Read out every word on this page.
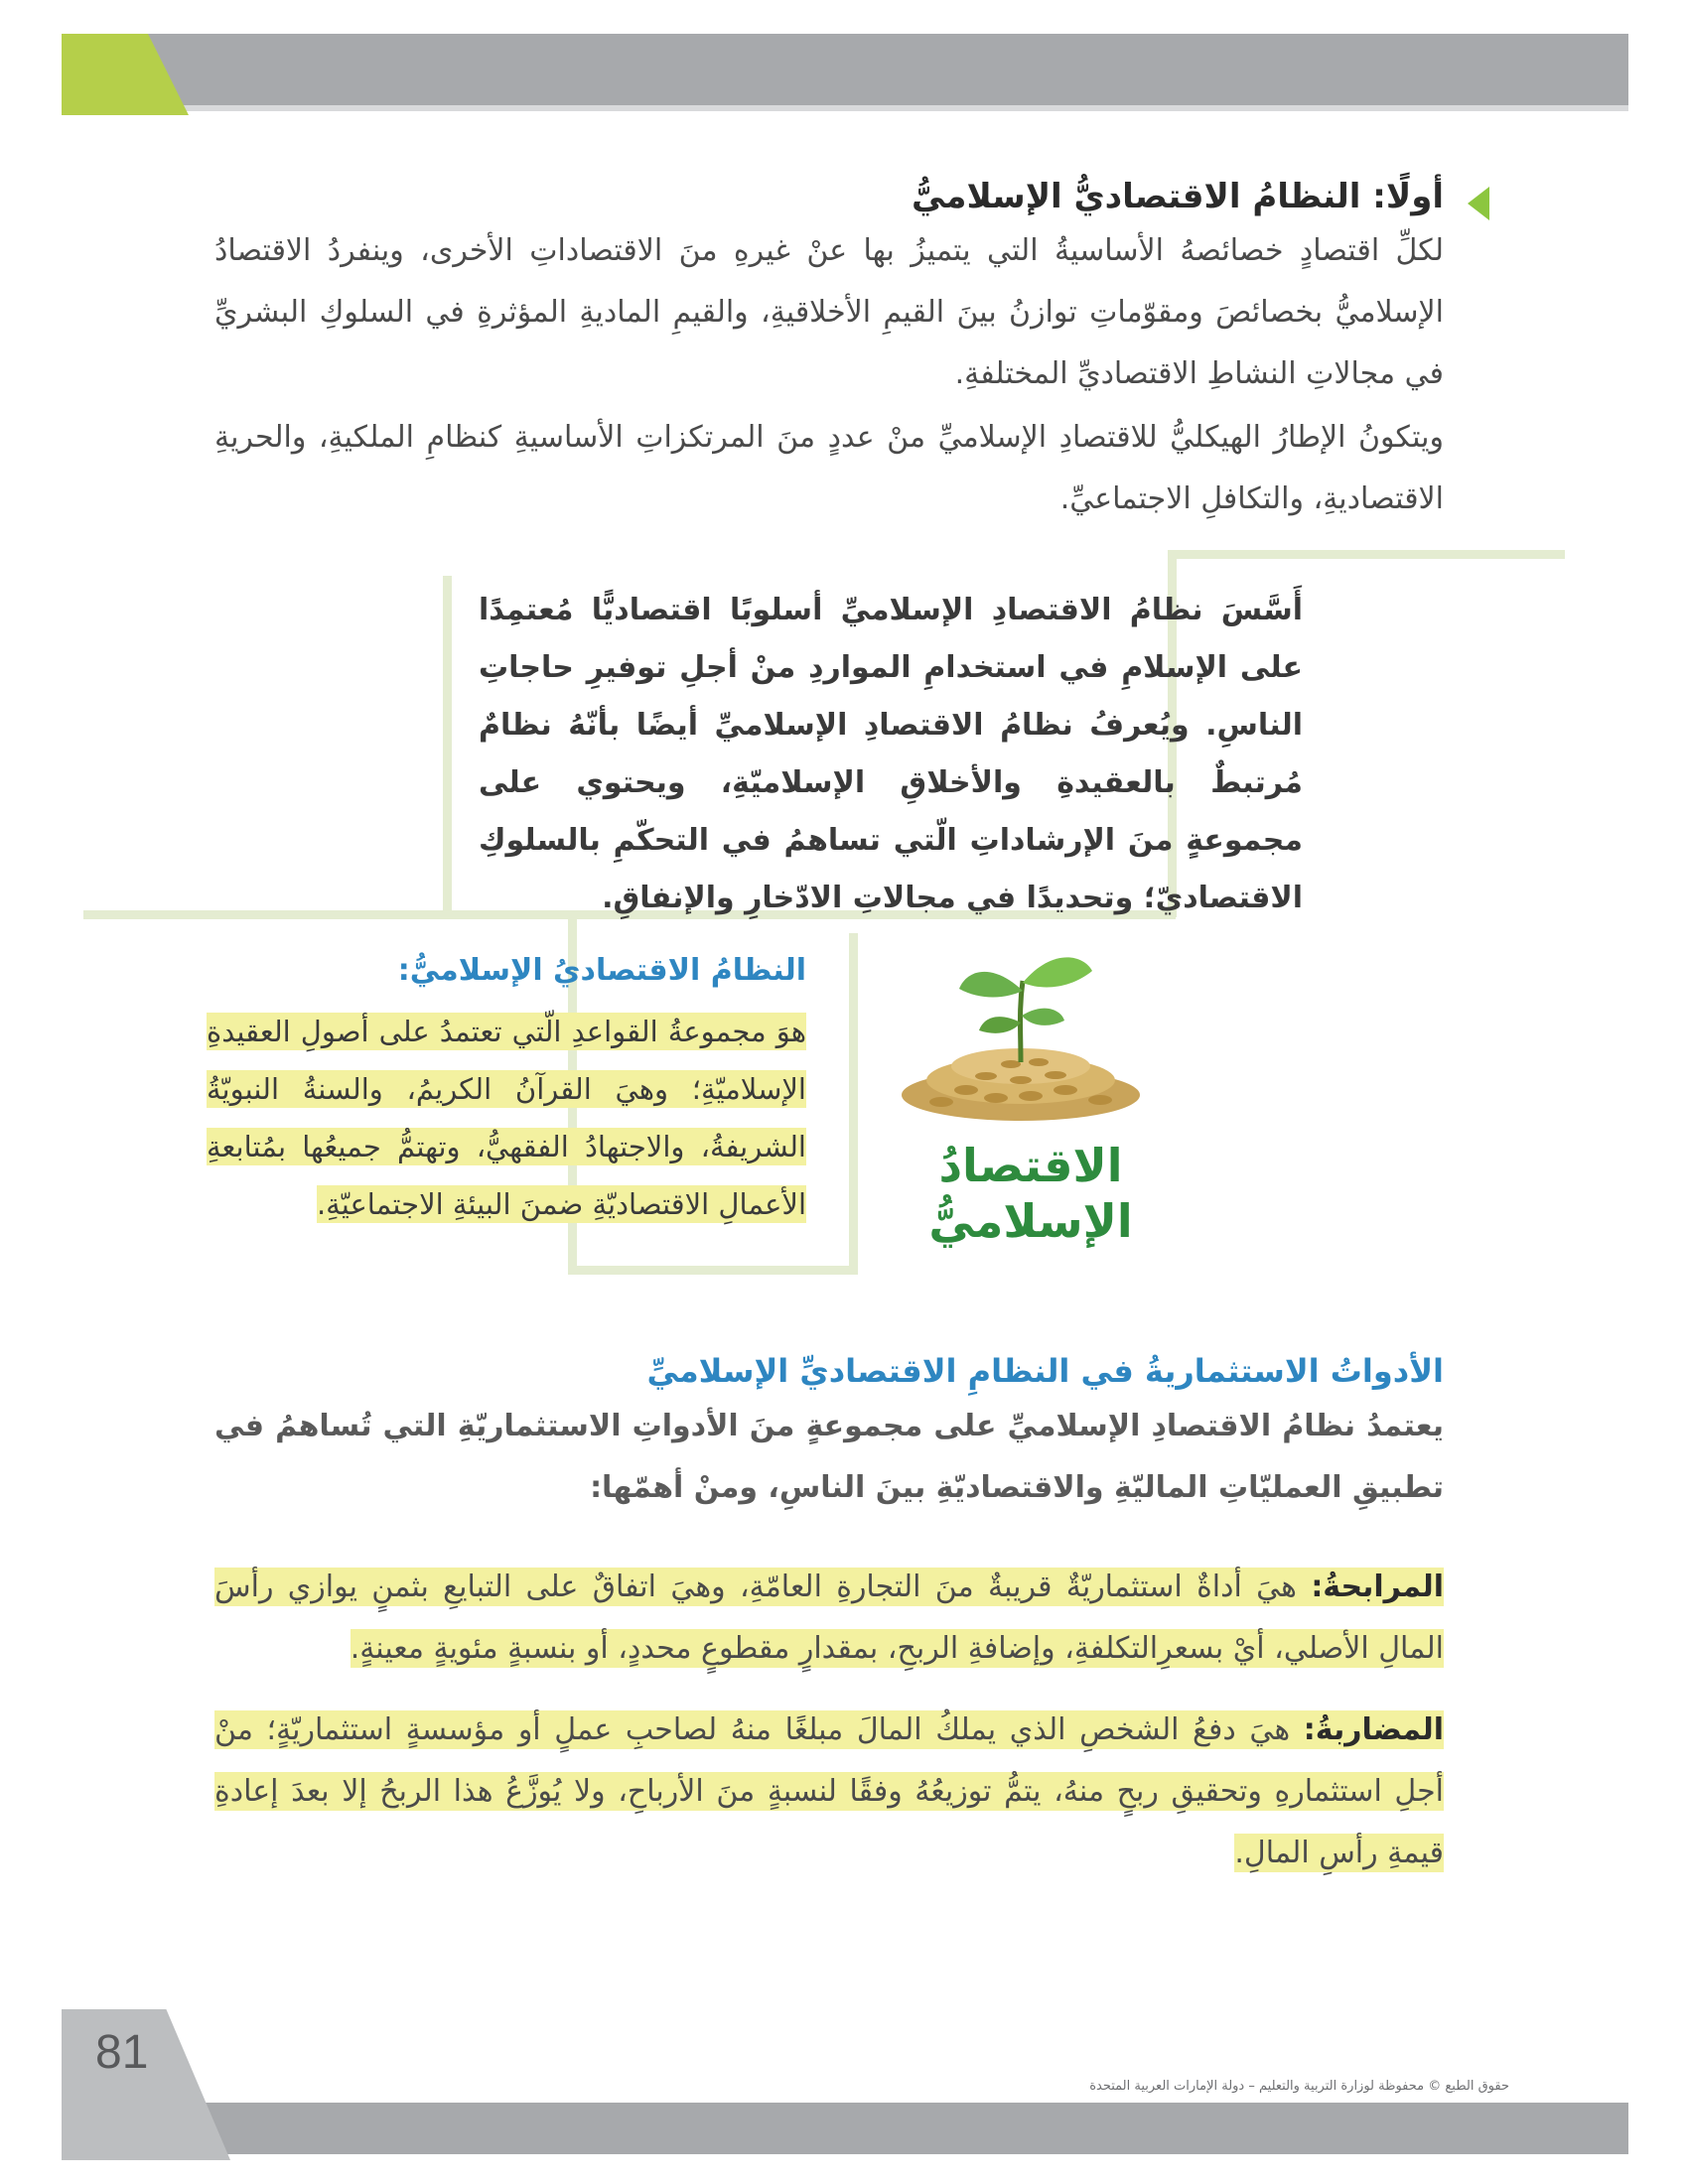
أولًا: النظامُ الاقتصاديُّ الإسلاميُّ
لكلِّ اقتصادٍ خصائصهُ الأساسيةُ التي يتميزُ بها عنْ غيرهِ منَ الاقتصاداتِ الأخرى، وينفردُ الاقتصادُ الإسلاميُّ بخصائصَ ومقوّماتِ توازنُ بينَ القيمِ الأخلاقيةِ، والقيمِ الماديةِ المؤثرةِ في السلوكِ البشريِّ في مجالاتِ النشاطِ الاقتصاديِّ المختلفةِ.
ويتكونُ الإطارُ الهيكليُّ للاقتصادِ الإسلاميِّ منْ عددٍ منَ المرتكزاتِ الأساسيةِ كنظامِ الملكيةِ، والحريةِ الاقتصاديةِ، والتكافلِ الاجتماعيِّ.
أَسَّسَ نظامُ الاقتصادِ الإسلاميِّ أسلوبًا اقتصاديًّا مُعتمِدًا على الإسلامِ في استخدامِ المواردِ منْ أجلِ توفيرِ حاجاتِ الناسِ. ويُعرفُ نظامُ الاقتصادِ الإسلاميِّ أيضًا بأنّهُ نظامٌ مُرتبطٌ بالعقيدةِ والأخلاقِ الإسلاميّةِ، ويحتوي على مجموعةٍ منَ الإرشاداتِ الّتي تساهمُ في التحكّمِ بالسلوكِ الاقتصاديّ؛ وتحديدًا في مجالاتِ الادّخارِ والإنفاقِ.
النظامُ الاقتصاديُ الإسلاميُّ:
هوَ مجموعةُ القواعدِ الّتي تعتمدُ على أصولِ العقيدةِ الإسلاميّةِ؛ وهيَ القرآنُ الكريمُ، والسنةُ النبويّةُ الشريفةُ، والاجتهادُ الفقهيُّ، وتهتمُّ جميعُها بمُتابعةِ الأعمالِ الاقتصاديّةِ ضمنَ البيئةِ الاجتماعيّةِ.
الاقتصادُ
الإسلاميُّ
الأدواتُ الاستثماريةُ في النظامِ الاقتصاديِّ الإسلاميِّ
يعتمدُ نظامُ الاقتصادِ الإسلاميِّ على مجموعةٍ منَ الأدواتِ الاستثماريّةِ التي تُساهمُ في تطبيقِ العمليّاتِ الماليّةِ والاقتصاديّةِ بينَ الناسِ، ومنْ أهمّها:
المرابحةُ: هيَ أداةٌ استثماريّةٌ قريبةٌ منَ التجارةِ العامّةِ، وهيَ اتفاقٌ على التبايعِ بثمنٍ يوازي رأسَ المالِ الأصلي، أيْ بسعرِالتكلفةِ، وإضافةِ الربحِ، بمقدارٍ مقطوعٍ محددٍ، أو بنسبةٍ مئويةٍ معينةٍ.
المضاربةُ: هيَ دفعُ الشخصِ الذي يملكُ المالَ مبلغًا منهُ لصاحبِ عملٍ أو مؤسسةٍ استثماريّةٍ؛ منْ أجلِ استثمارهِ وتحقيقِ ربحٍ منهُ، يتمُّ توزيعُهُ وفقًا لنسبةٍ منَ الأرباحِ، ولا يُوزَّعُ هذا الربحُ إلا بعدَ إعادةِ قيمةِ رأسِ المالِ.
81
حقوق الطبع © محفوظة لوزارة التربية والتعليم – دولة الإمارات العربية المتحدة
